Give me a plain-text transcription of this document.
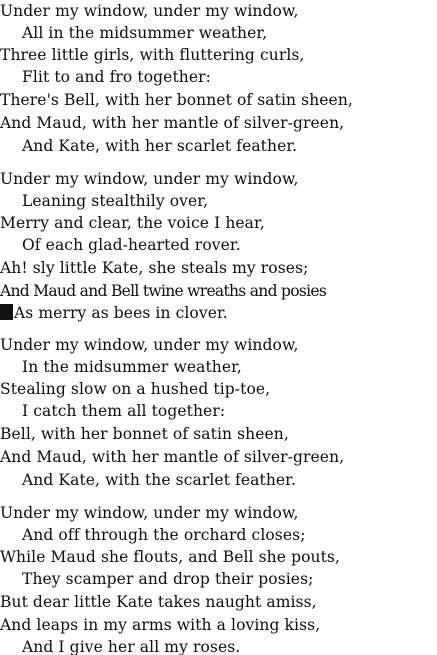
Under my window, under my window,
All in the midsummer weather,
Three little girls, with fluttering curls,
Flit to and fro together:
There's Bell, with her bonnet of satin sheen,
And Maud, with her mantle of silver-green,
And Kate, with her scarlet feather.
Under my window, under my window,
Leaning stealthily over,
Merry and clear, the voice I hear,
Of each glad-hearted rover.
Ah! sly little Kate, she steals my roses;
And Maud and Bell twine wreaths and posies
As merry as bees in clover.
Under my window, under my window,
In the midsummer weather,
Stealing slow on a hushed tip-toe,
I catch them all together:
Bell, with her bonnet of satin sheen,
And Maud, with her mantle of silver-green,
And Kate, with the scarlet feather.
Under my window, under my window,
And off through the orchard closes;
While Maud she flouts, and Bell she pouts,
They scamper and drop their posies;
But dear little Kate takes naught amiss,
And leaps in my arms with a loving kiss,
And I give her all my roses.
